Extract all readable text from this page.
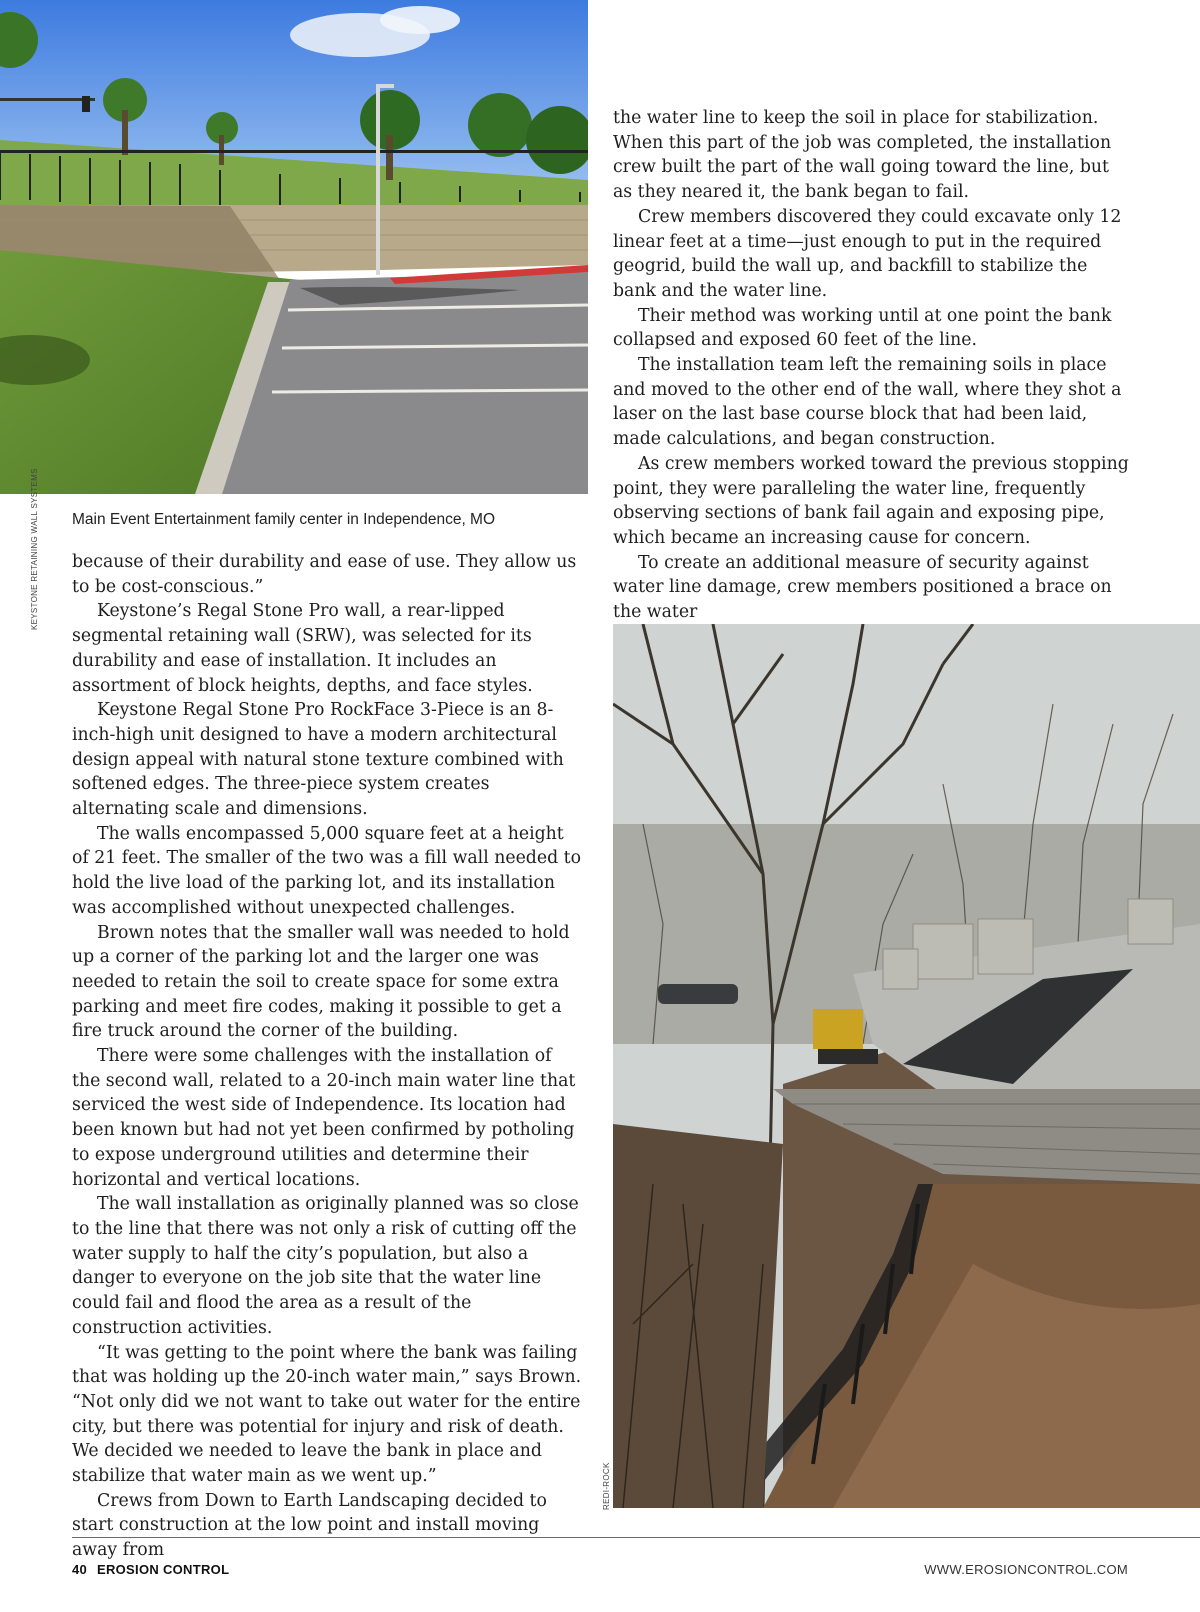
KEYSTONE RETAINING WALL SYSTEMS Main Event Entertainment family center in Independence, MO

because of their durability and ease of use. They allow us to be cost-conscious.”

Keystone’s Regal Stone Pro wall, a rear-lipped segmental retaining wall (SRW), was selected for its durability and ease of installation. It includes an assortment of block heights, depths, and face styles.

Keystone Regal Stone Pro RockFace 3-Piece is an 8-inch-high unit designed to have a modern architectural design appeal with natural stone texture combined with softened edges. The three-piece system creates alternating scale and dimensions.

The walls encompassed 5,000 square feet at a height of 21 feet. The smaller of the two was a fill wall needed to hold the live load of the parking lot, and its installation was accomplished without unexpected challenges.

Brown notes that the smaller wall was needed to hold up a corner of the parking lot and the larger one was needed to retain the soil to create space for some extra parking and meet fire codes, making it possible to get a fire truck around the corner of the building.

There were some challenges with the installation of the second wall, related to a 20-inch main water line that serviced the west side of Independence. Its location had been known but had not yet been confirmed by potholing to expose underground utilities and determine their horizontal and vertical locations.

The wall installation as originally planned was so close to the line that there was not only a risk of cutting off the water supply to half the city’s population, but also a danger to everyone on the job site that the water line could fail and flood the area as a result of the construction activities.

“It was getting to the point where the bank was failing that was holding up the 20-inch water main,” says Brown. “Not only did we not want to take out water for the entire city, but there was potential for injury and risk of death. We decided we needed to leave the bank in place and stabilize that water main as we went up.”

Crews from Down to Earth Landscaping decided to start construction at the low point and install moving away from

the water line to keep the soil in place for stabilization. When this part of the job was completed, the installation crew built the part of the wall going toward the line, but as they neared it, the bank began to fail.

Crew members discovered they could excavate only 12 linear feet at a time—just enough to put in the required geogrid, build the wall up, and backfill to stabilize the bank and the water line.

Their method was working until at one point the bank collapsed and exposed 60 feet of the line.

The installation team left the remaining soils in place and moved to the other end of the wall, where they shot a laser on the last base course block that had been laid, made calculations, and began construction.

As crew members worked toward the previous stopping point, they were paralleling the water line, frequently observing sections of bank fail again and exposing pipe, which became an increasing cause for concern.

To create an additional measure of security against water line damage, crew members positioned a brace on the water

REDI-ROCK
40 EROSION CONTROL	WWW.EROSIONCONTROL.COM
